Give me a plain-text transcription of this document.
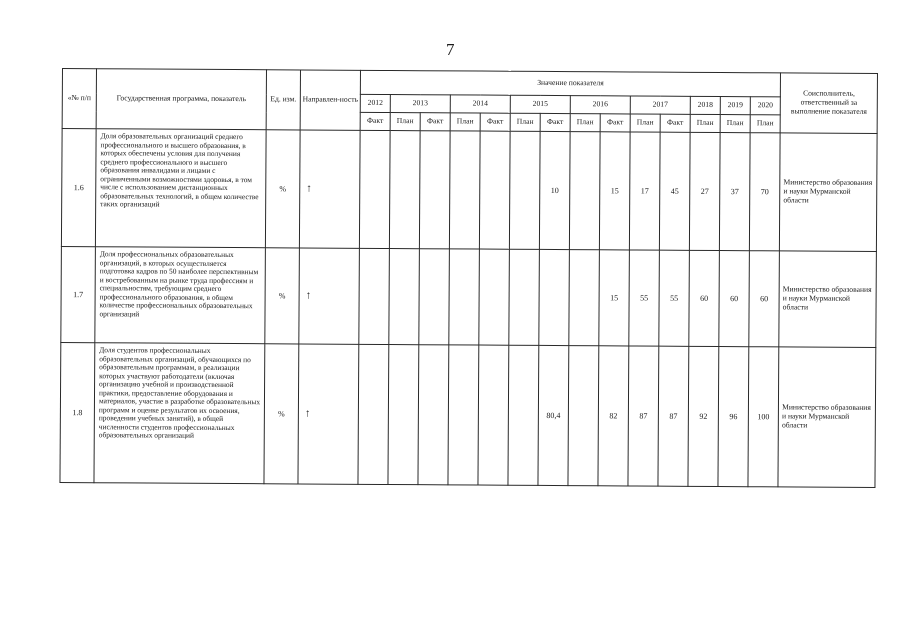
7
«№ п/п	Государственная программа, показатель	Ед. изм.	Направлен-ность	Значение показателя														Соисполнитель, ответственный за выполнение показателя
				2012	2013		2014		2015		2016		2017		2018	2019	2020	
				Факт	План	Факт	План	Факт	План	Факт	План	Факт	План	Факт	План	План	План	
1.6	Доля образовательных организаций среднего профессионального и высшего образования, в которых обеспечены условия для получения среднего профессионального и высшего образования инвалидами и лицами с ограниченными возможностями здоровья, в том числе с использованием дистанционных образовательных технологий, в общем количестве таких организаций	%	↑							10		15	17	45	27	37	70	Министерство образования и науки Мурманской области
1.7	Доля профессиональных образовательных организаций, в которых осуществляется подготовка кадров по 50 наиболее перспективным и востребованным на рынке труда профессиям и специальностям, требующим среднего профессионального образования, в общем количестве профессиональных образовательных организаций	%	↑									15	55	55	60	60	60	Министерство образования и науки Мурманской области
1.8	Доля студентов профессиональных образовательных организаций, обучающихся по образовательным программам, в реализации которых участвуют работодатели (включая организацию учебной и производственной практики, предоставление оборудования и материалов, участие в разработке образовательных программ и оценке результатов их освоения, проведении учебных занятий), в общей численности студентов профессиональных образовательных организаций	%	↑							80,4		82	87	87	92	96	100	Министерство образования и науки Мурманской области
